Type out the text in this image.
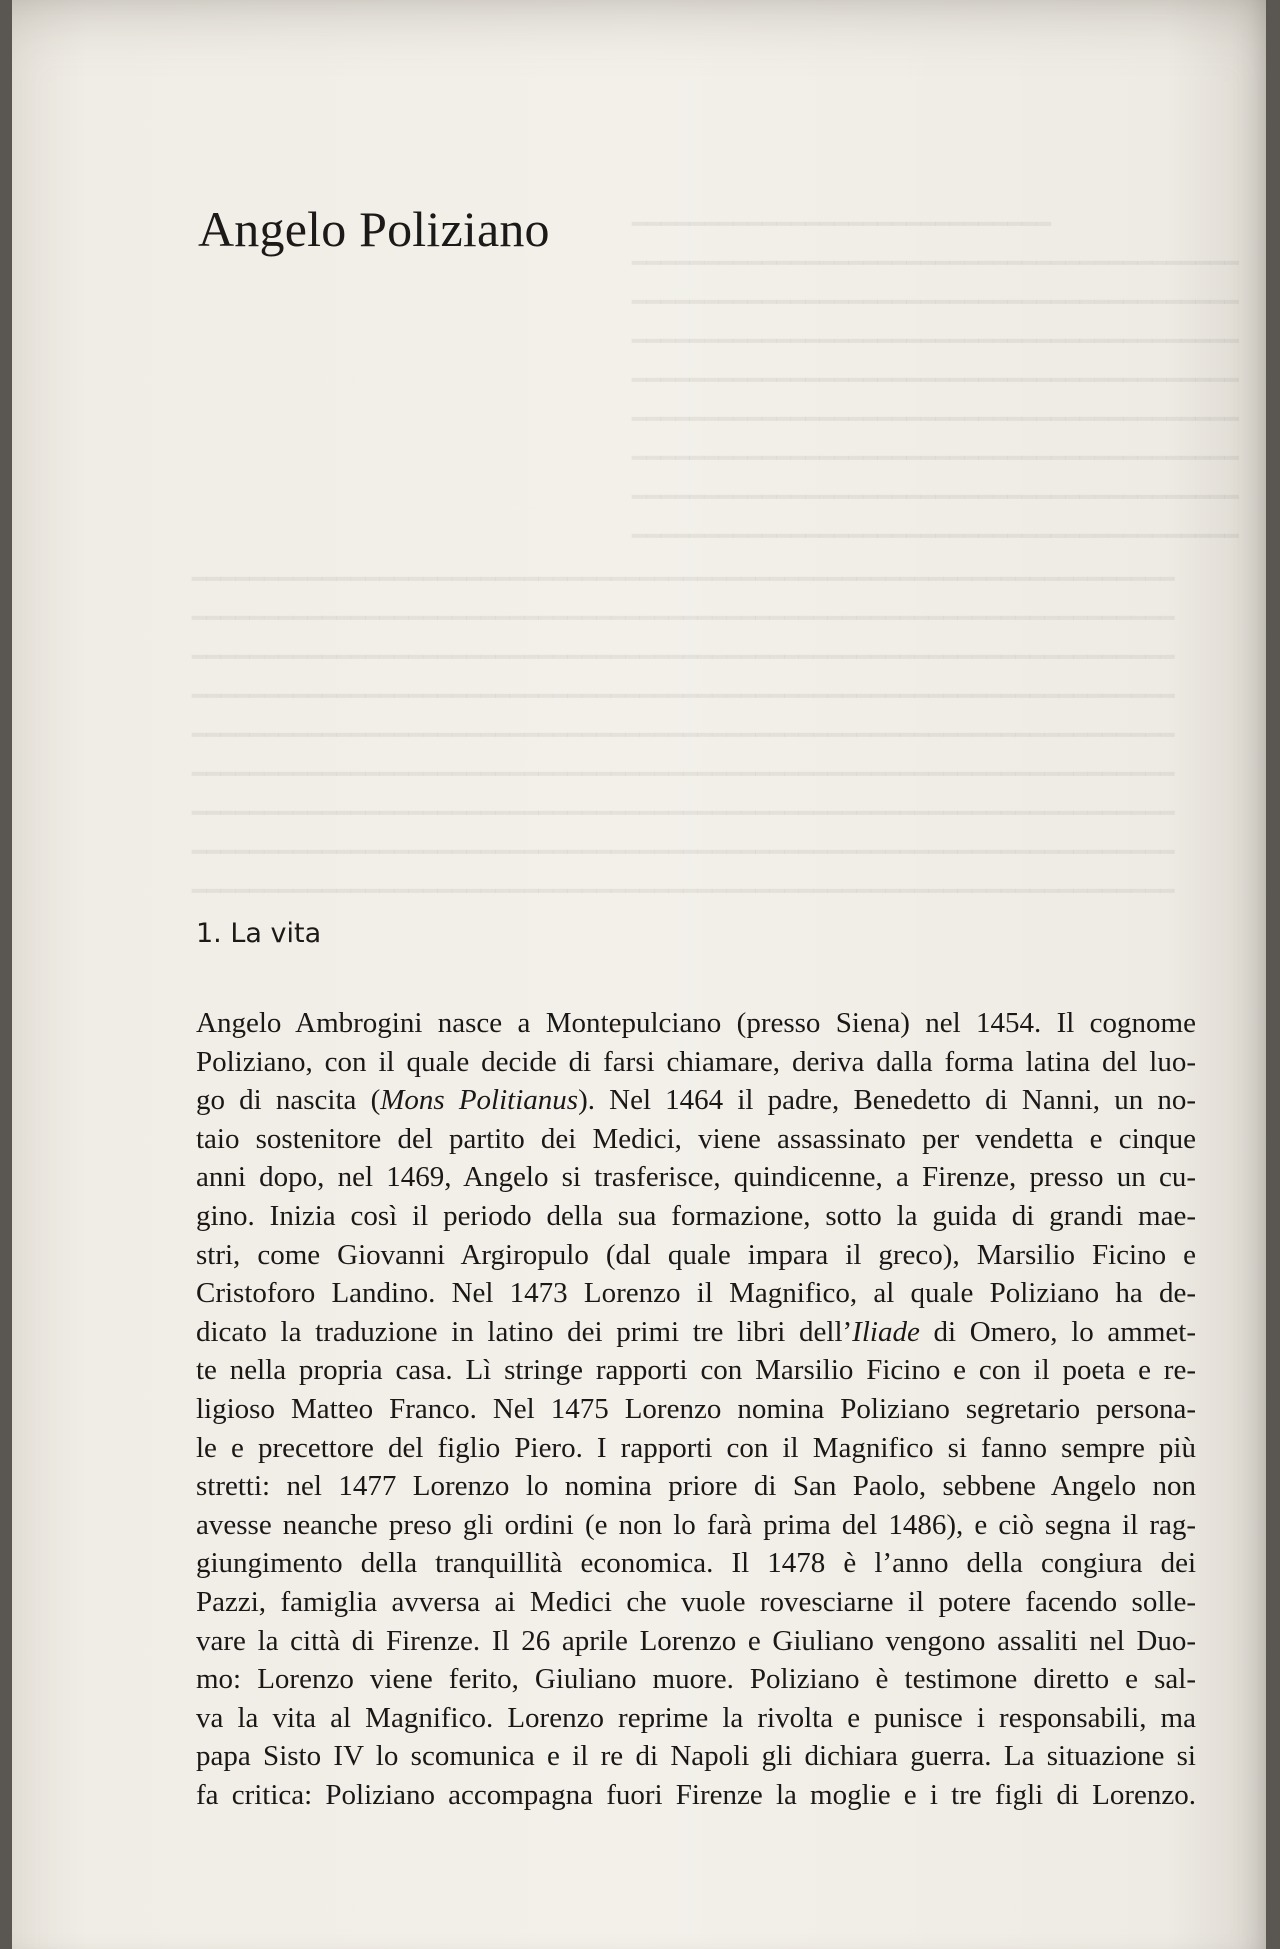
━━━━━━━━━━━━━━━━━━━━━━━━━━━━━
━━━━━━━━━━━━━━━━━━━━━━━━━━━━━━━━━━━━━━━━━━
━━━━━━━━━━━━━━━━━━━━━━━━━━━━━━━━━━━━━━━━━━
━━━━━━━━━━━━━━━━━━━━━━━━━━━━━━━━━━━━━━━━━━
━━━━━━━━━━━━━━━━━━━━━━━━━━━━━━━━━━━━━━━━━━
━━━━━━━━━━━━━━━━━━━━━━━━━━━━━━━━━━━━━━━━━━
━━━━━━━━━━━━━━━━━━━━━━━━━━━━━━━━━━━━━━━━━━
━━━━━━━━━━━━━━━━━━━━━━━━━━━━━━━━━━━━━━━━━━
━━━━━━━━━━━━━━━━━━━━━━━━━━━━━━━━━━━━━━━━━━
━━━━━━━━━━━━━━━━━━━━━━━━━━━━━━━━━━━━━━━━━━━━━━━━━━━━━━━━━━━━━━━━━━━━
━━━━━━━━━━━━━━━━━━━━━━━━━━━━━━━━━━━━━━━━━━━━━━━━━━━━━━━━━━━━━━━━━━━━
━━━━━━━━━━━━━━━━━━━━━━━━━━━━━━━━━━━━━━━━━━━━━━━━━━━━━━━━━━━━━━━━━━━━
━━━━━━━━━━━━━━━━━━━━━━━━━━━━━━━━━━━━━━━━━━━━━━━━━━━━━━━━━━━━━━━━━━━━
━━━━━━━━━━━━━━━━━━━━━━━━━━━━━━━━━━━━━━━━━━━━━━━━━━━━━━━━━━━━━━━━━━━━
━━━━━━━━━━━━━━━━━━━━━━━━━━━━━━━━━━━━━━━━━━━━━━━━━━━━━━━━━━━━━━━━━━━━
━━━━━━━━━━━━━━━━━━━━━━━━━━━━━━━━━━━━━━━━━━━━━━━━━━━━━━━━━━━━━━━━━━━━
━━━━━━━━━━━━━━━━━━━━━━━━━━━━━━━━━━━━━━━━━━━━━━━━━━━━━━━━━━━━━━━━━━━━
━━━━━━━━━━━━━━━━━━━━━━━━━━━━━━━━━━━━━━━━━━━━━━━━━━━━━━━━━━━━━━━━━━━━
Angelo Poliziano
1. La vita
Angelo Ambrogini nasce a Montepulciano (presso Siena) nel 1454. Il cognome
Poliziano, con il quale decide di farsi chiamare, deriva dalla forma latina del luo-
go di nascita (Mons Politianus). Nel 1464 il padre, Benedetto di Nanni, un no-
taio sostenitore del partito dei Medici, viene assassinato per vendetta e cinque
anni dopo, nel 1469, Angelo si trasferisce, quindicenne, a Firenze, presso un cu-
gino. Inizia così il periodo della sua formazione, sotto la guida di grandi mae-
stri, come Giovanni Argiropulo (dal quale impara il greco), Marsilio Ficino e
Cristoforo Landino. Nel 1473 Lorenzo il Magnifico, al quale Poliziano ha de-
dicato la traduzione in latino dei primi tre libri dell’Iliade di Omero, lo ammet-
te nella propria casa. Lì stringe rapporti con Marsilio Ficino e con il poeta e re-
ligioso Matteo Franco. Nel 1475 Lorenzo nomina Poliziano segretario persona-
le e precettore del figlio Piero. I rapporti con il Magnifico si fanno sempre più
stretti: nel 1477 Lorenzo lo nomina priore di San Paolo, sebbene Angelo non
avesse neanche preso gli ordini (e non lo farà prima del 1486), e ciò segna il rag-
giungimento della tranquillità economica. Il 1478 è l’anno della congiura dei
Pazzi, famiglia avversa ai Medici che vuole rovesciarne il potere facendo solle-
vare la città di Firenze. Il 26 aprile Lorenzo e Giuliano vengono assaliti nel Duo-
mo: Lorenzo viene ferito, Giuliano muore. Poliziano è testimone diretto e sal-
va la vita al Magnifico. Lorenzo reprime la rivolta e punisce i responsabili, ma
papa Sisto IV lo scomunica e il re di Napoli gli dichiara guerra. La situazione si
fa critica: Poliziano accompagna fuori Firenze la moglie e i tre figli di Lorenzo.
